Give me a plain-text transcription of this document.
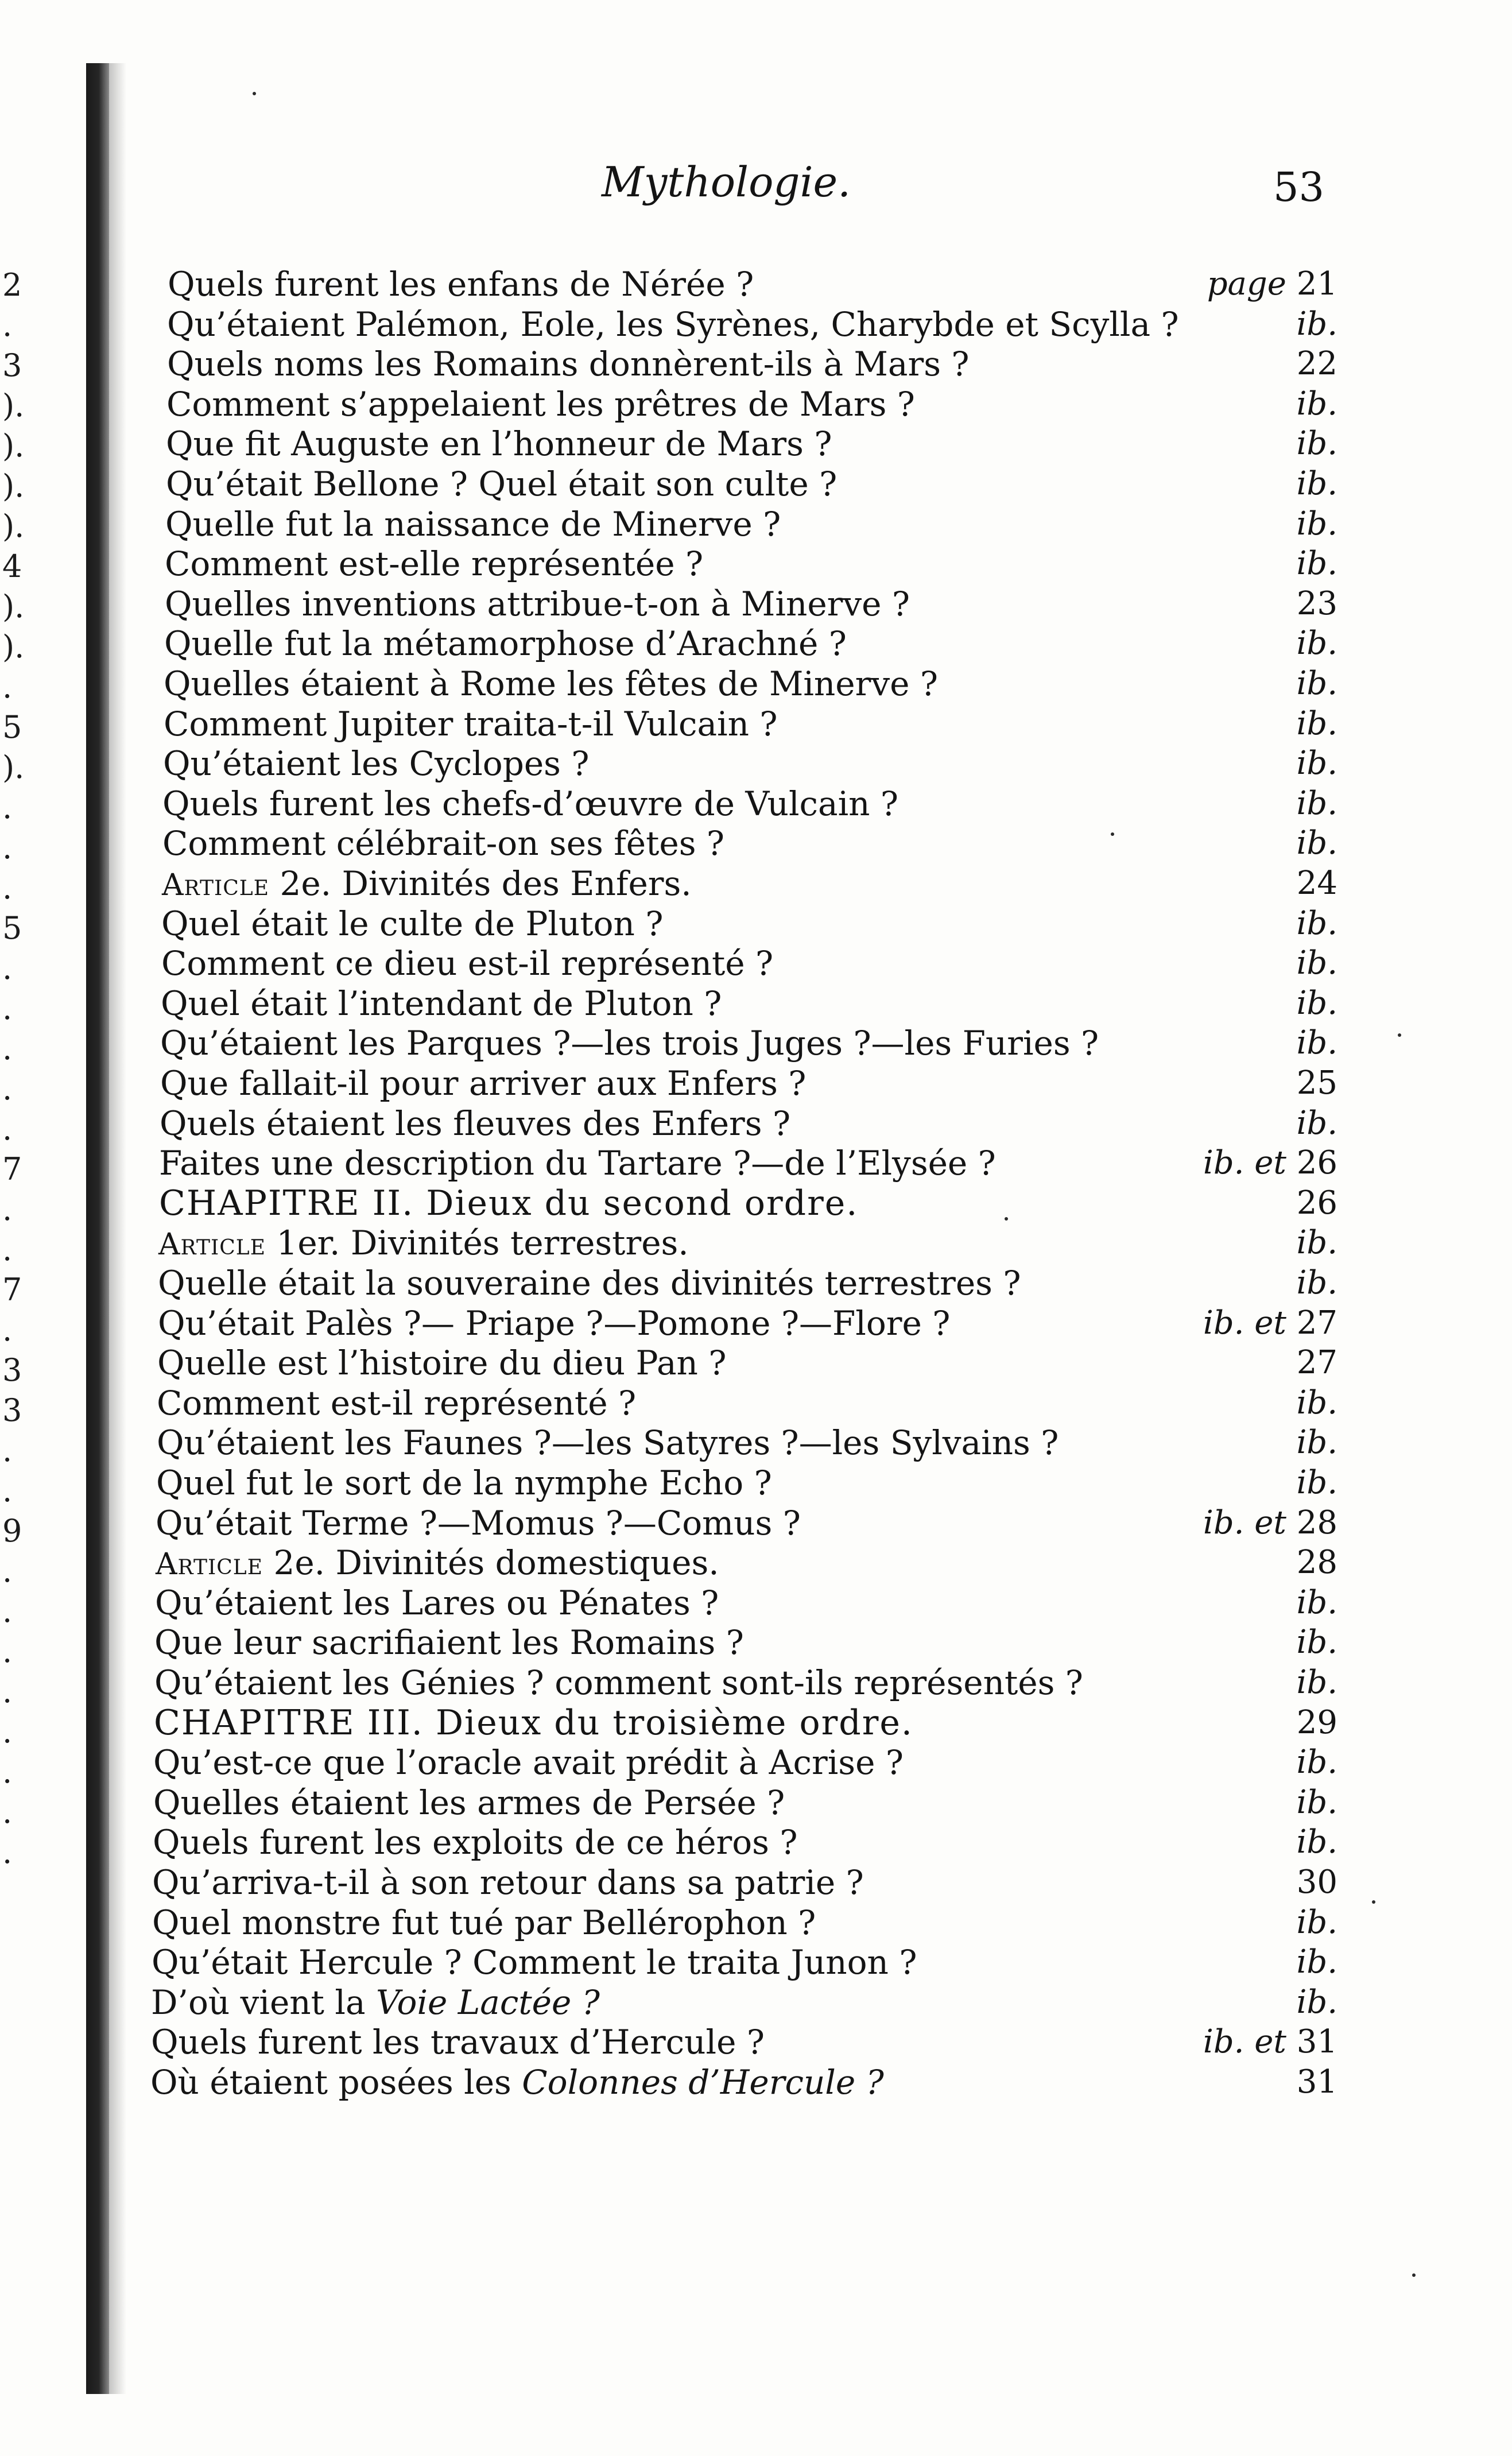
2
.
3
).
).
).
).
4
).
).
.
5
).
.
.
.
5
.
.
.
.
.
7
.
.
7
.
3
3
.
.
9
.
.
.
.
.
.
.
.
Mythologie.	53
Quels furent les enfans de Nérée ?	page 21
Qu’étaient Palémon, Eole, les Syrènes, Charybde et Scylla ?	ib.
Quels noms les Romains donnèrent-ils à Mars ?	22
Comment s’appelaient les prêtres de Mars ?	ib.
Que fit Auguste en l’honneur de Mars ?	ib.
Qu’était Bellone ? Quel était son culte ?	ib.
Quelle fut la naissance de Minerve ?	ib.
Comment est-elle représentée ?	ib.
Quelles inventions attribue-t-on à Minerve ?	23
Quelle fut la métamorphose d’Arachné ?	ib.
Quelles étaient à Rome les fêtes de Minerve ?	ib.
Comment Jupiter traita-t-il Vulcain ?	ib.
Qu’étaient les Cyclopes ?	ib.
Quels furent les chefs-d’œuvre de Vulcain ?	ib.
Comment célébrait-on ses fêtes ?	ib.
Article 2e. Divinités des Enfers.	24
Quel était le culte de Pluton ?	ib.
Comment ce dieu est-il représenté ?	ib.
Quel était l’intendant de Pluton ?	ib.
Qu’étaient les Parques ?—les trois Juges ?—les Furies ?	ib.
Que fallait-il pour arriver aux Enfers ?	25
Quels étaient les fleuves des Enfers ?	ib.
Faites une description du Tartare ?—de l’Elysée ?	ib. et 26
CHAPITRE II. Dieux du second ordre.	26
Article 1er. Divinités terrestres.	ib.
Quelle était la souveraine des divinités terrestres ?	ib.
Qu’était Palès ?— Priape ?—Pomone ?—Flore ?	ib. et 27
Quelle est l’histoire du dieu Pan ?	27
Comment est-il représenté ?	ib.
Qu’étaient les Faunes ?—les Satyres ?—les Sylvains ?	ib.
Quel fut le sort de la nymphe Echo ?	ib.
Qu’était Terme ?—Momus ?—Comus ?	ib. et 28
Article 2e. Divinités domestiques.	28
Qu’étaient les Lares ou Pénates ?	ib.
Que leur sacrifiaient les Romains ?	ib.
Qu’étaient les Génies ? comment sont-ils représentés ?	ib.
CHAPITRE III. Dieux du troisième ordre.	29
Qu’est-ce que l’oracle avait prédit à Acrise ?	ib.
Quelles étaient les armes de Persée ?	ib.
Quels furent les exploits de ce héros ?	ib.
Qu’arriva-t-il à son retour dans sa patrie ?	30
Quel monstre fut tué par Bellérophon ?	ib.
Qu’était Hercule ? Comment le traita Junon ?	ib.
D’où vient la Voie Lactée ?	ib.
Quels furent les travaux d’Hercule ?	ib. et 31
Où étaient posées les Colonnes d’Hercule ?	31
